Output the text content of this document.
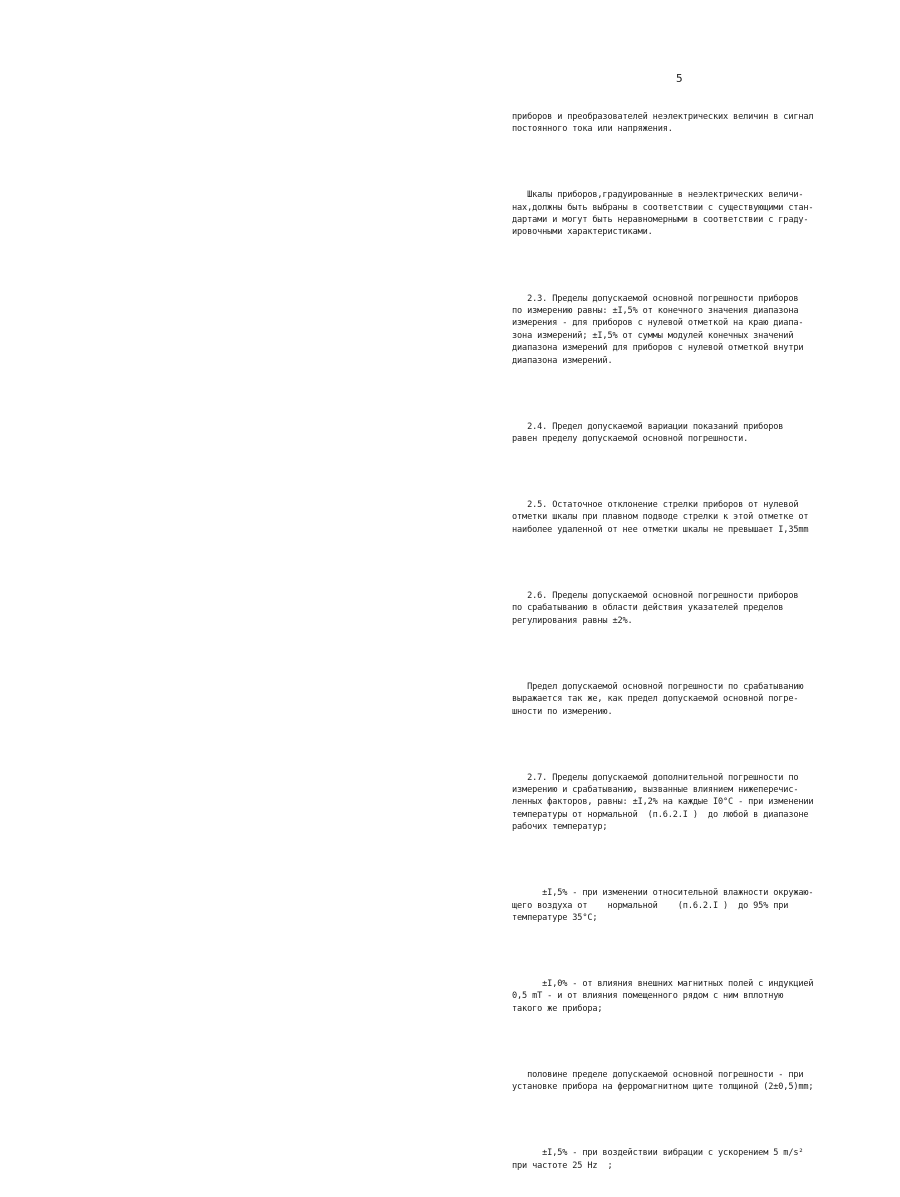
5

приборов и преобразователей неэлектрических величин в сигнал
постоянного тока или напряжения.

Шкалы приборов,градуированные в неэлектрических величи-
нах,должны быть выбраны в соответствии с существующими стан-
дартами и могут быть неравномерными в соответствии с граду-
ировочными характеристиками.

2.3. Пределы допускаемой основной погрешности приборов
по измерению равны: ±I,5% от конечного значения диапазона
измерения - для приборов с нулевой отметкой на краю диапа-
зона измерений; ±I,5% от суммы модулей конечных значений
диапазона измерений для приборов с нулевой отметкой внутри
диапазона измерений.

2.4. Предел допускаемой вариации показаний приборов
равен пределу допускаемой основной погрешности.

2.5. Остаточное отклонение стрелки приборов от нулевой
отметки шкалы при плавном подводе стрелки к этой отметке от
наиболее удаленной от нее отметки шкалы не превышает I,35mm

2.6. Пределы допускаемой основной погрешности приборов
по срабатыванию в области действия указателей пределов
регулирования равны ±2%.

Предел допускаемой основной погрешности по срабатыванию
выражается так же, как предел допускаемой основной погре-
шности по измерению.

2.7. Пределы допускаемой дополнительной погрешности по
измерению и срабатыванию, вызванные влиянием нижеперечис-
ленных факторов, равны: ±I,2% на каждые I0°C - при изменении
температуры от нормальной  (п.6.2.I )  до любой в диапазоне
рабочих температур;

±I,5% - при изменении относительной влажности окружаю-
щего воздуха от    нормальной    (п.6.2.I )  до 95% при
температуре 35°C;

±I,0% - от влияния внешних магнитных полей с индукцией
0,5 mT - и от влияния помещенного рядом с ним вплотную
такого же прибора;

половине пределе допускаемой основной погрешности - при
установке прибора на ферромагнитном щите толщиной (2±0,5)mm;

±I,5% - при воздействии вибрации с ускорением 5 m/s²
при частоте 25 Hz  ;
